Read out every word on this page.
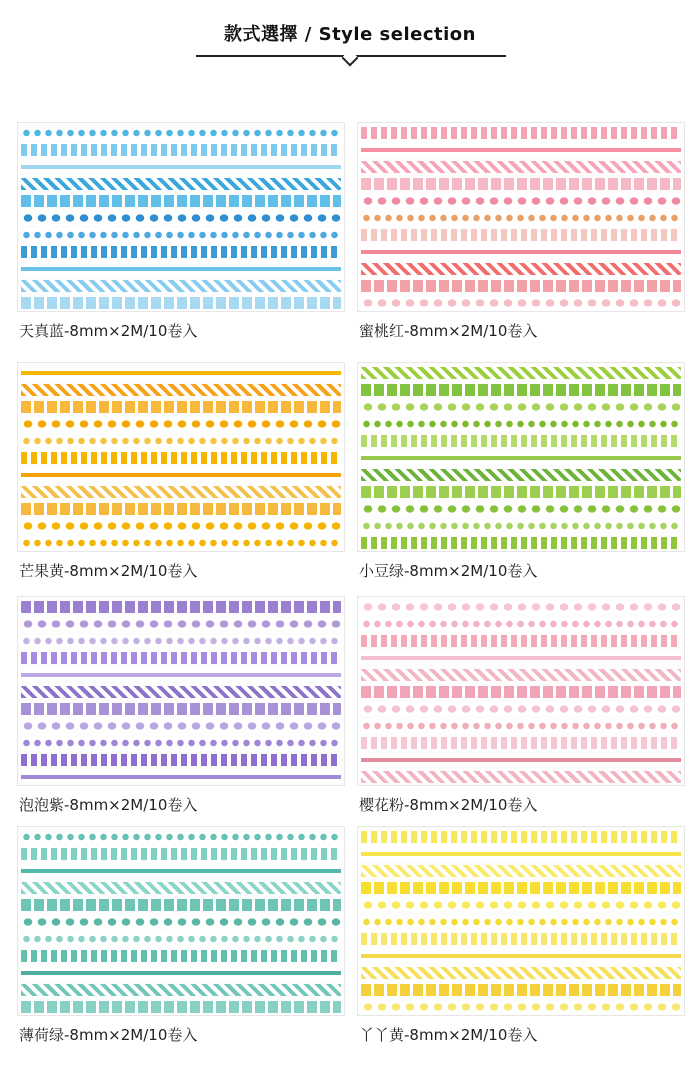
款式選擇 / Style selection
天真蓝-8mm×2M/10卷入	蜜桃红-8mm×2M/10卷入
芒果黄-8mm×2M/10卷入	小豆绿-8mm×2M/10卷入
泡泡紫-8mm×2M/10卷入	樱花粉-8mm×2M/10卷入
薄荷绿-8mm×2M/10卷入	丫丫黄-8mm×2M/10卷入
